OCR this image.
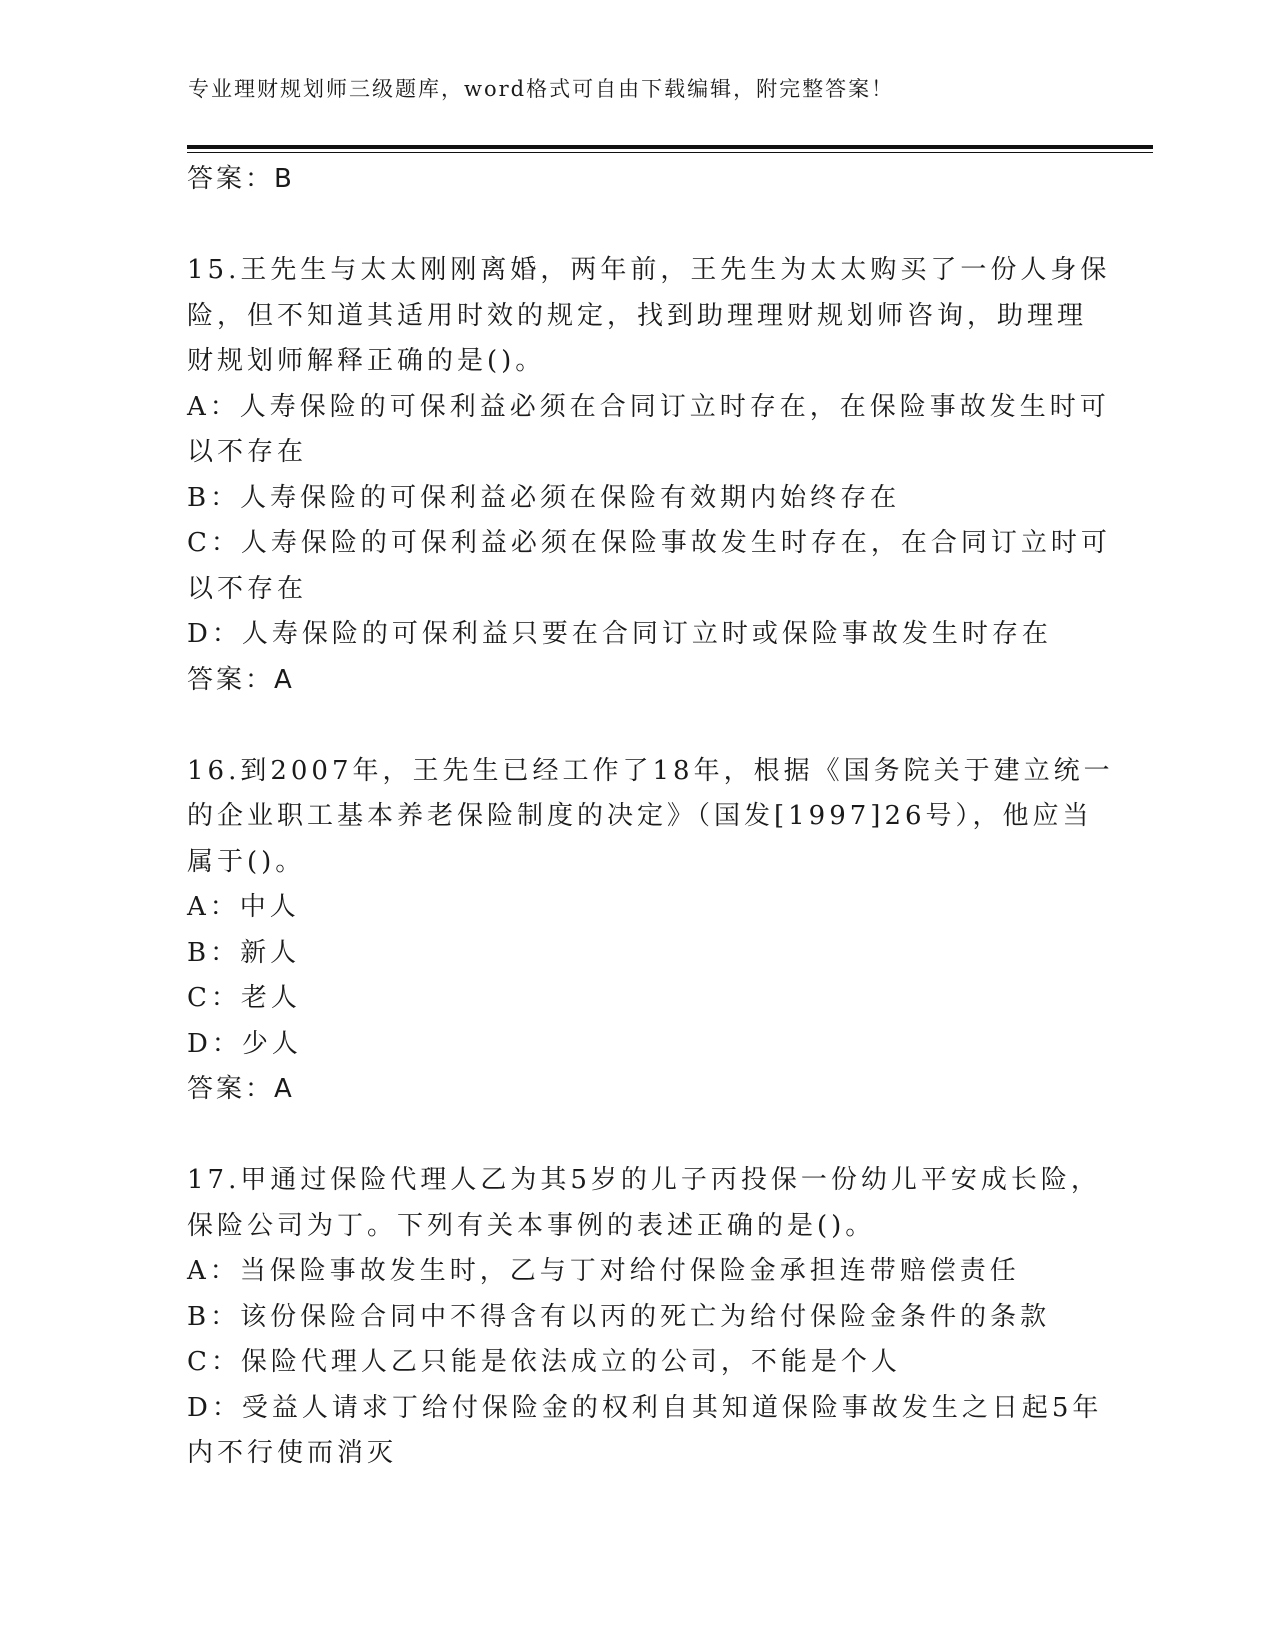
专业理财规划师三级题库，word格式可自由下载编辑，附完整答案！
答案：B
15.王先生与太太刚刚离婚，两年前，王先生为太太购买了一份人身保
险，但不知道其适用时效的规定，找到助理理财规划师咨询，助理理
财规划师解释正确的是()。
A：人寿保险的可保利益必须在合同订立时存在，在保险事故发生时可
以不存在
B：人寿保险的可保利益必须在保险有效期内始终存在
C：人寿保险的可保利益必须在保险事故发生时存在，在合同订立时可
以不存在
D：人寿保险的可保利益只要在合同订立时或保险事故发生时存在
答案：A
16.到2007年，王先生已经工作了18年，根据《国务院关于建立统一
的企业职工基本养老保险制度的决定》（国发[1997]26号），他应当
属于()。
A：中人
B：新人
C：老人
D：少人
答案：A
17.甲通过保险代理人乙为其5岁的儿子丙投保一份幼儿平安成长险，
保险公司为丁。下列有关本事例的表述正确的是()。
A：当保险事故发生时，乙与丁对给付保险金承担连带赔偿责任
B：该份保险合同中不得含有以丙的死亡为给付保险金条件的条款
C：保险代理人乙只能是依法成立的公司，不能是个人
D：受益人请求丁给付保险金的权利自其知道保险事故发生之日起5年
内不行使而消灭
